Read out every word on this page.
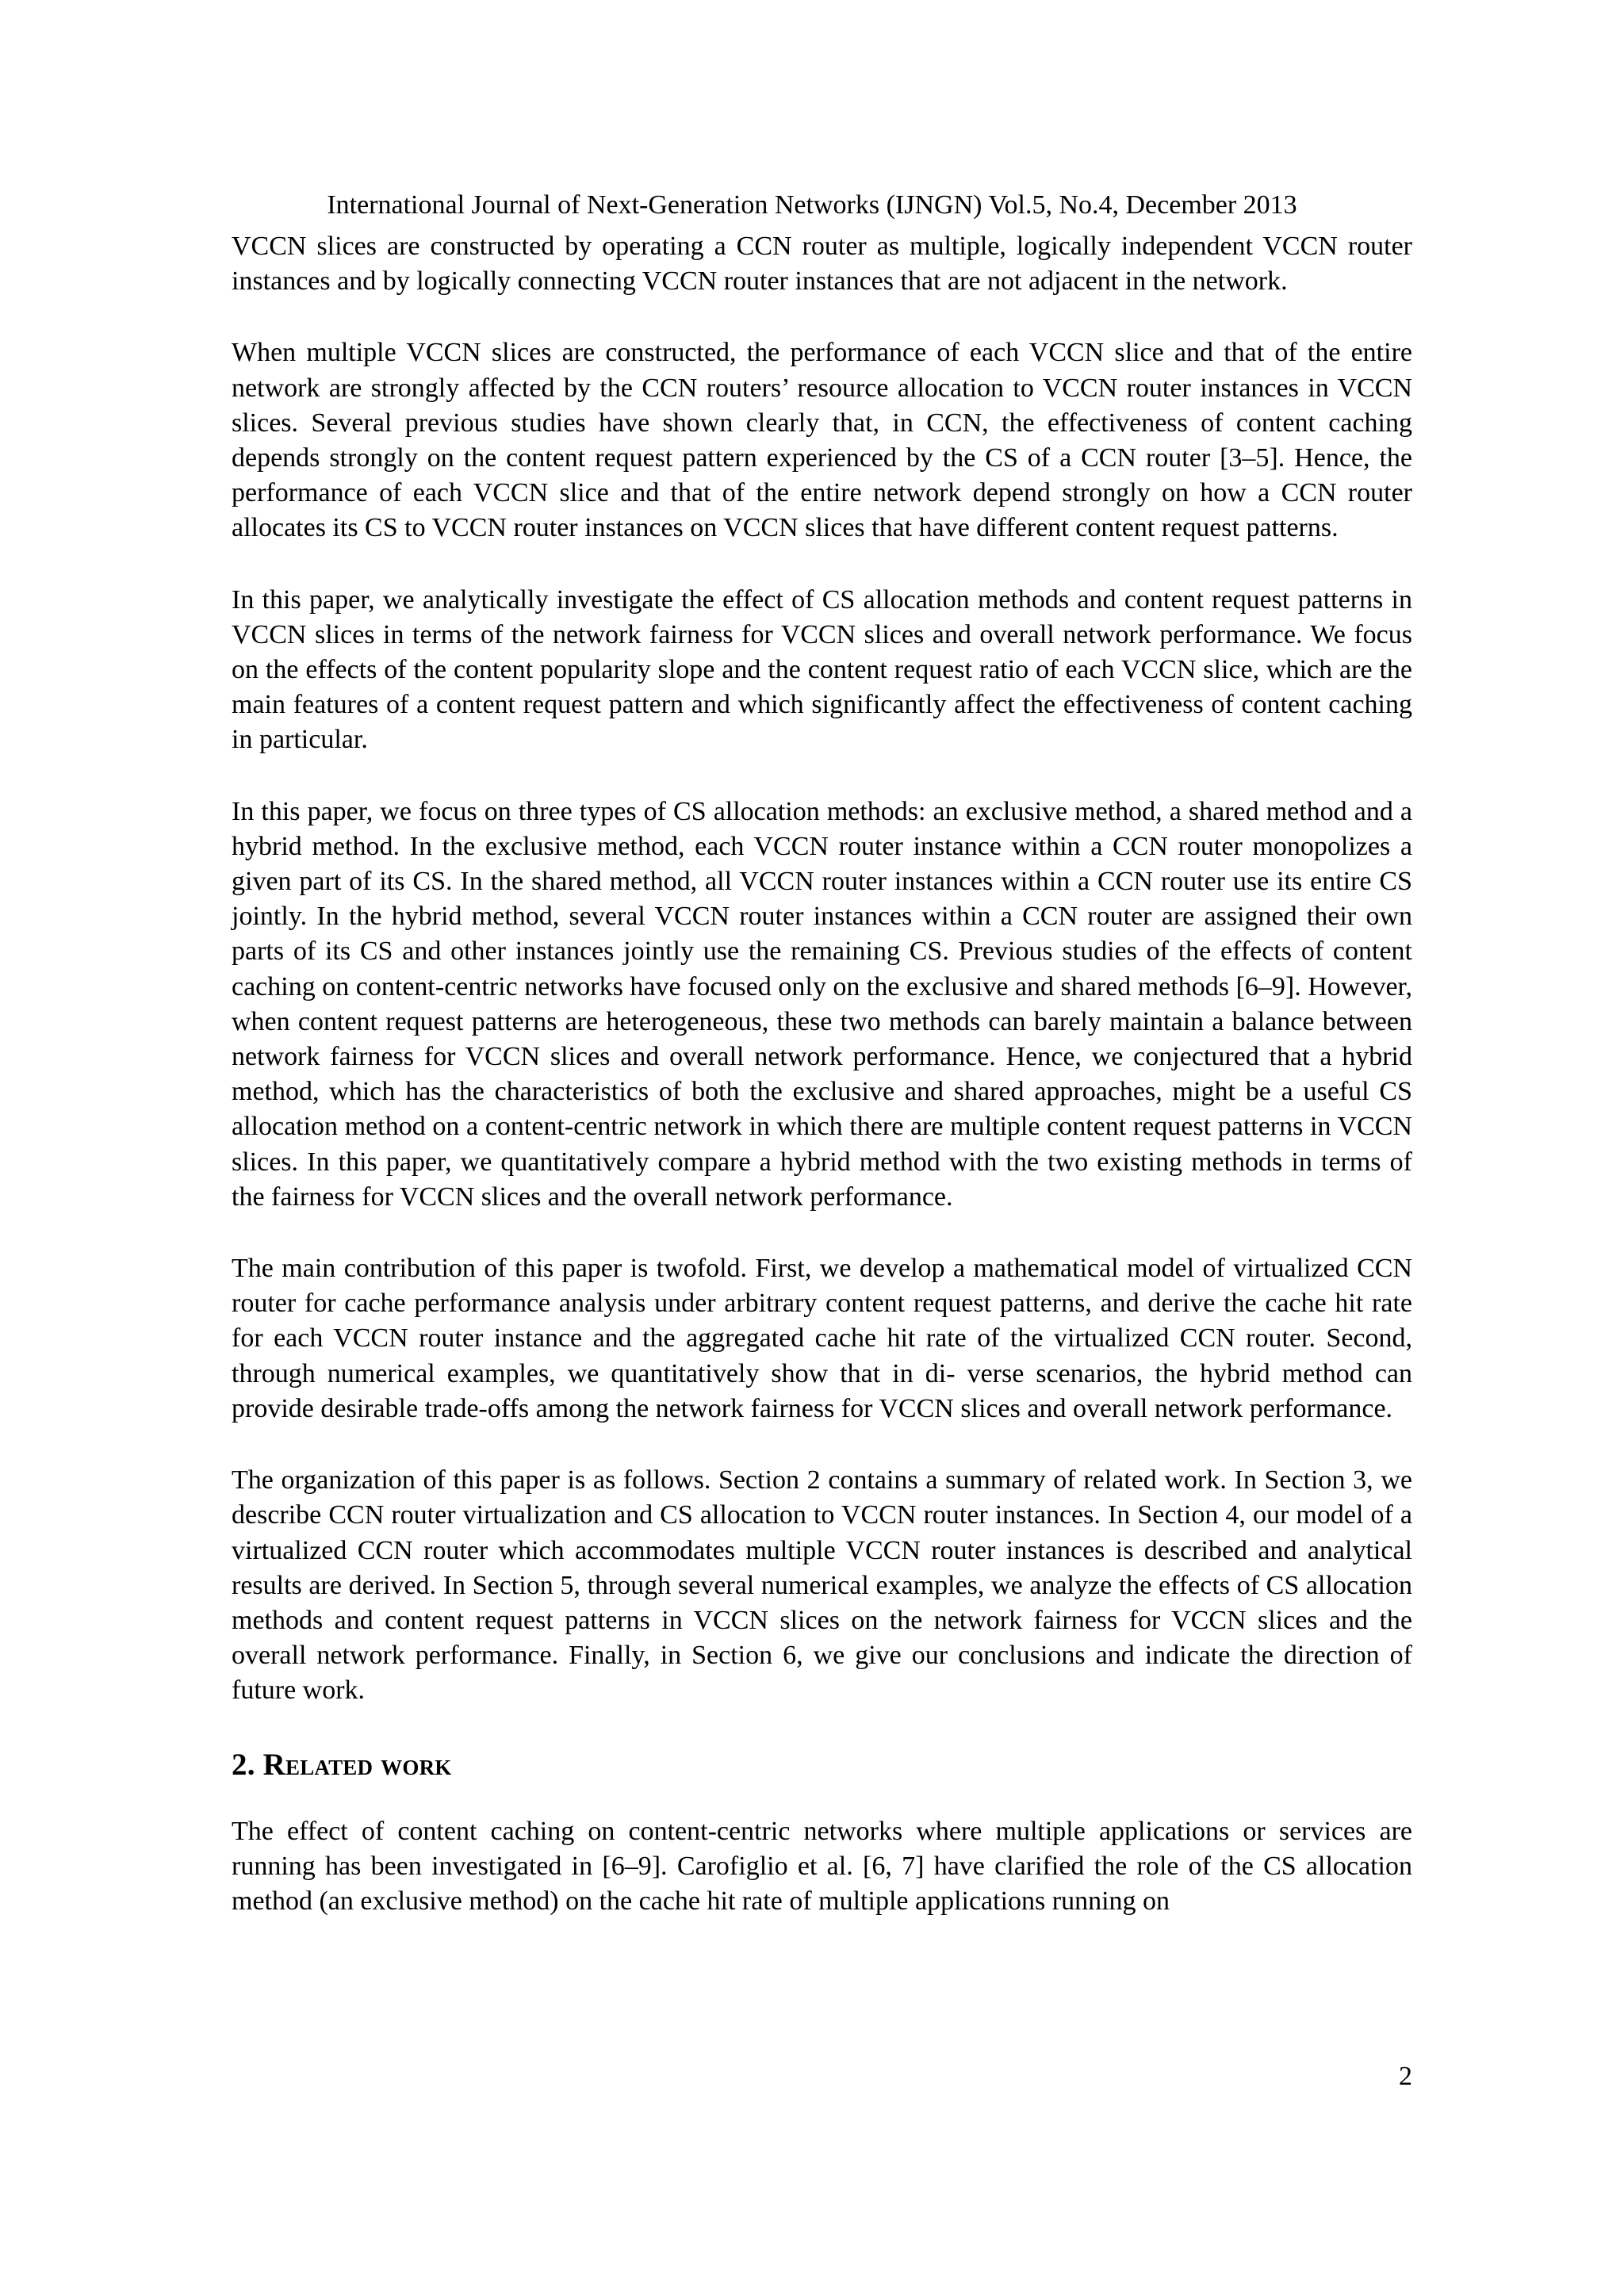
International Journal of Next-Generation Networks (IJNGN) Vol.5, No.4, December 2013

VCCN slices are constructed by operating a CCN router as multiple, logically independent VCCN router instances and by logically connecting VCCN router instances that are not adjacent in the network.

When multiple VCCN slices are constructed, the performance of each VCCN slice and that of the entire network are strongly affected by the CCN routers’ resource allocation to VCCN router instances in VCCN slices. Several previous studies have shown clearly that, in CCN, the effectiveness of content caching depends strongly on the content request pattern experienced by the CS of a CCN router [3–5]. Hence, the performance of each VCCN slice and that of the entire network depend strongly on how a CCN router allocates its CS to VCCN router instances on VCCN slices that have different content request patterns.

In this paper, we analytically investigate the effect of CS allocation methods and content request patterns in VCCN slices in terms of the network fairness for VCCN slices and overall network performance. We focus on the effects of the content popularity slope and the content request ratio of each VCCN slice, which are the main features of a content request pattern and which significantly affect the effectiveness of content caching in particular.

In this paper, we focus on three types of CS allocation methods: an exclusive method, a shared method and a hybrid method. In the exclusive method, each VCCN router instance within a CCN router monopolizes a given part of its CS. In the shared method, all VCCN router instances within a CCN router use its entire CS jointly. In the hybrid method, several VCCN router instances within a CCN router are assigned their own parts of its CS and other instances jointly use the remaining CS. Previous studies of the effects of content caching on content-centric networks have focused only on the exclusive and shared methods [6–9]. However, when content request patterns are heterogeneous, these two methods can barely maintain a balance between network fairness for VCCN slices and overall network performance. Hence, we conjectured that a hybrid method, which has the characteristics of both the exclusive and shared approaches, might be a useful CS allocation method on a content-centric network in which there are multiple content request patterns in VCCN slices. In this paper, we quantitatively compare a hybrid method with the two existing methods in terms of the fairness for VCCN slices and the overall network performance.

The main contribution of this paper is twofold. First, we develop a mathematical model of virtualized CCN router for cache performance analysis under arbitrary content request patterns, and derive the cache hit rate for each VCCN router instance and the aggregated cache hit rate of the virtualized CCN router. Second, through numerical examples, we quantitatively show that in di- verse scenarios, the hybrid method can provide desirable trade-offs among the network fairness for VCCN slices and overall network performance.

The organization of this paper is as follows. Section 2 contains a summary of related work. In Section 3, we describe CCN router virtualization and CS allocation to VCCN router instances. In Section 4, our model of a virtualized CCN router which accommodates multiple VCCN router instances is described and analytical results are derived. In Section 5, through several numerical examples, we analyze the effects of CS allocation methods and content request patterns in VCCN slices on the network fairness for VCCN slices and the overall network performance. Finally, in Section 6, we give our conclusions and indicate the direction of future work.

2. Related work

The effect of content caching on content-centric networks where multiple applications or services are running has been investigated in [6–9]. Carofiglio et al. [6, 7] have clarified the role of the CS allocation method (an exclusive method) on the cache hit rate of multiple applications running on

2
